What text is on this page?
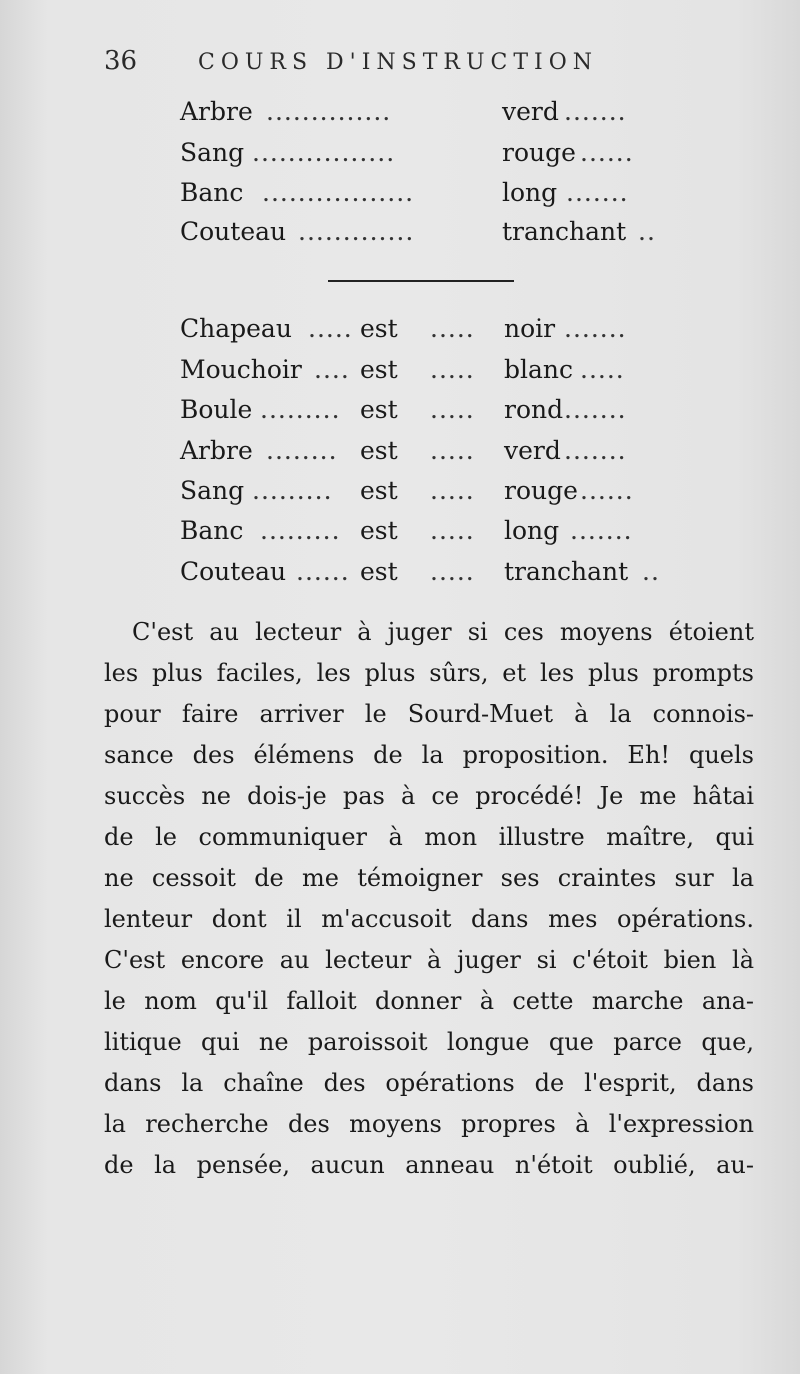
36	COURS D'INSTRUCTION
Arbre ..............	verd .......
Sang ................	rouge ......
Banc .................	long .......
Couteau .............	tranchant ..
Chapeau ..... est ..... noir .......
Mouchoir .... est ..... blanc .....
Boule ......... est ..... rond .......
Arbre ........ est ..... verd .......
Sang ......... est ..... rouge ......
Banc ......... est ..... long .......
Couteau ...... est ..... tranchant ..
C'est au lecteur à juger si ces moyens étoient
les plus faciles, les plus sûrs, et les plus prompts
pour faire arriver le Sourd-Muet à la connois-
sance des élémens de la proposition. Eh! quels
succès ne dois-je pas à ce procédé! Je me hâtai
de le communiquer à mon illustre maître, qui
ne cessoit de me témoigner ses craintes sur la
lenteur dont il m'accusoit dans mes opérations.
C'est encore au lecteur à juger si c'étoit bien là
le nom qu'il falloit donner à cette marche ana-
litique qui ne paroissoit longue que parce que,
dans la chaîne des opérations de l'esprit, dans
la recherche des moyens propres à l'expression
de la pensée, aucun anneau n'étoit oublié, au-
